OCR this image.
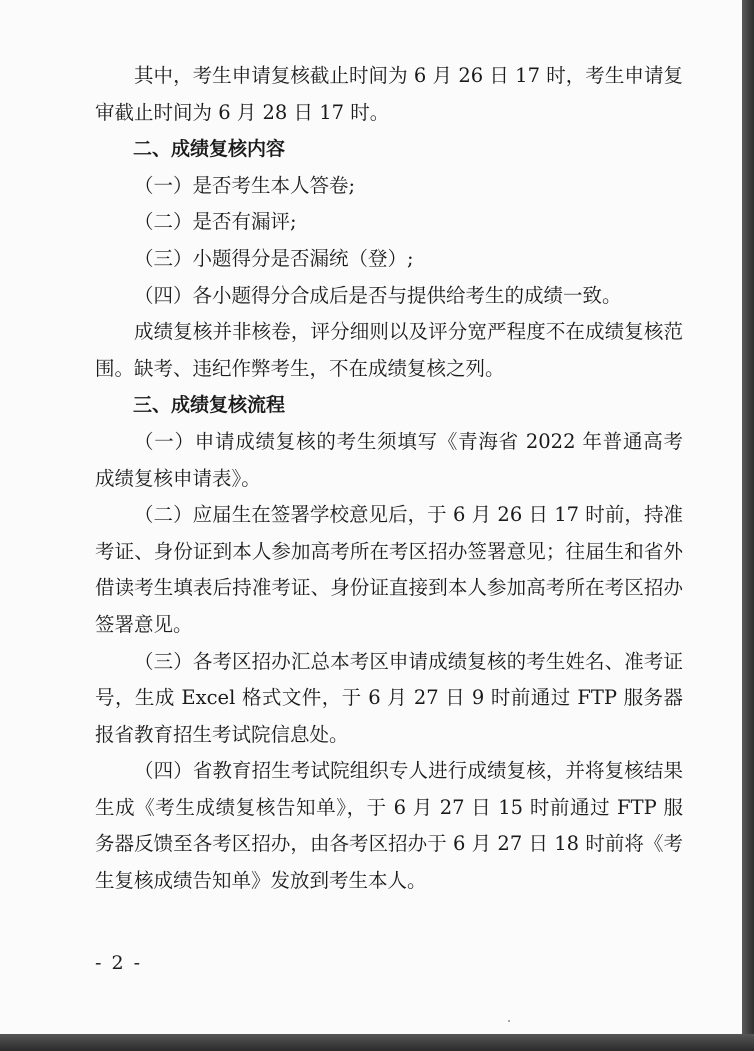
其中，考生申请复核截止时间为 6 月 26 日 17 时，考生申请复审截止时间为 6 月 28 日 17 时。

二、成绩复核内容

（一）是否考生本人答卷;

（二）是否有漏评;

（三）小题得分是否漏统（登）;

（四）各小题得分合成后是否与提供给考生的成绩一致。

成绩复核并非核卷，评分细则以及评分宽严程度不在成绩复核范围。缺考、违纪作弊考生，不在成绩复核之列。

三、成绩复核流程

（一）申请成绩复核的考生须填写《青海省 2022 年普通高考成绩复核申请表》。

（二）应届生在签署学校意见后，于 6 月 26 日 17 时前，持准考证、身份证到本人参加高考所在考区招办签署意见；往届生和省外借读考生填表后持准考证、身份证直接到本人参加高考所在考区招办签署意见。

（三）各考区招办汇总本考区申请成绩复核的考生姓名、准考证号，生成 Excel 格式文件，于 6 月 27 日 9 时前通过 FTP 服务器报省教育招生考试院信息处。

（四）省教育招生考试院组织专人进行成绩复核，并将复核结果生成《考生成绩复核告知单》，于 6 月 27 日 15 时前通过 FTP 服务器反馈至各考区招办，由各考区招办于 6 月 27 日 18 时前将《考生复核成绩告知单》发放到考生本人。

- 2 -
